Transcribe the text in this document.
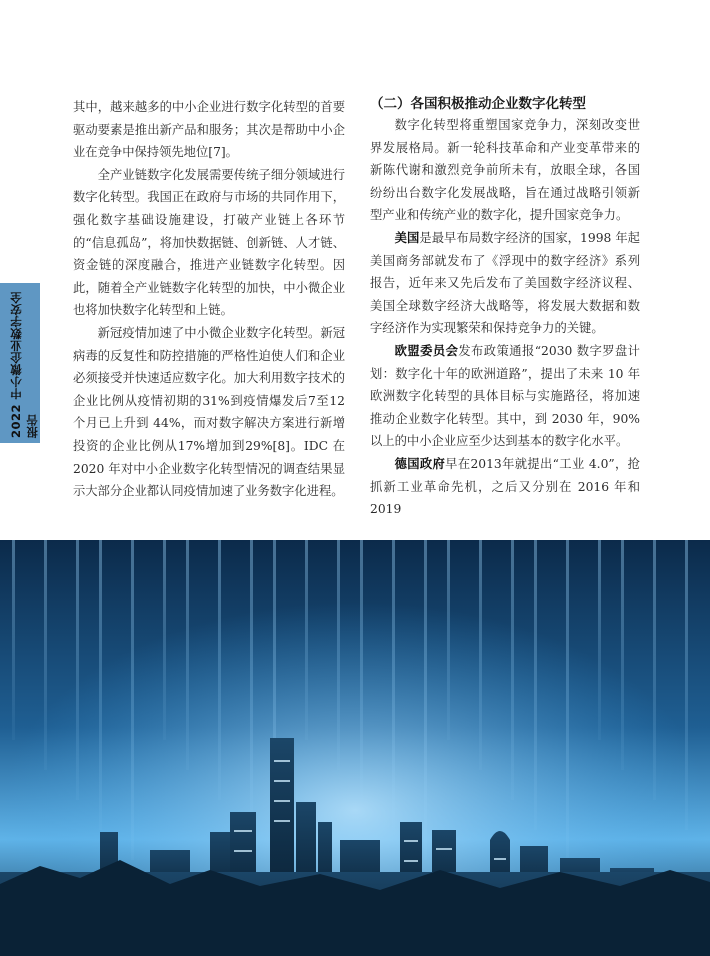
2022 中小微企业数字安全报告

其中，越来越多的中小企业进行数字化转型的首要驱动要素是推出新产品和服务；其次是帮助中小企业在竞争中保持领先地位[7]。

全产业链数字化发展需要传统子细分领域进行数字化转型。我国正在政府与市场的共同作用下，强化数字基础设施建设，打破产业链上各环节的“信息孤岛”，将加快数据链、创新链、人才链、资金链的深度融合，推进产业链数字化转型。因此，随着全产业链数字化转型的加快，中小微企业也将加快数字化转型和上链。

新冠疫情加速了中小微企业数字化转型。新冠病毒的反复性和防控措施的严格性迫使人们和企业必须接受并快速适应数字化。加大利用数字技术的企业比例从疫情初期的31%到疫情爆发后7至12个月已上升到 44%，而对数字解决方案进行新增投资的企业比例从17%增加到29%[8]。IDC 在 2020 年对中小企业数字化转型情况的调查结果显示大部分企业都认同疫情加速了业务数字化进程。

（二）各国积极推动企业数字化转型

数字化转型将重塑国家竞争力，深刻改变世界发展格局。新一轮科技革命和产业变革带来的新陈代谢和激烈竞争前所未有，放眼全球，各国纷纷出台数字化发展战略，旨在通过战略引领新型产业和传统产业的数字化，提升国家竞争力。

美国是最早布局数字经济的国家，1998 年起美国商务部就发布了《浮现中的数字经济》系列报告，近年来又先后发布了美国数字经济议程、美国全球数字经济大战略等，将发展大数据和数字经济作为实现繁荣和保持竞争力的关键。

欧盟委员会发布政策通报“2030 数字罗盘计划：数字化十年的欧洲道路”，提出了未来 10 年欧洲数字化转型的具体目标与实施路径，将加速推动企业数字化转型。其中，到 2030 年，90%以上的中小企业应至少达到基本的数字化水平。

德国政府早在2013年就提出“工业 4.0”，抢抓新工业革命先机，之后又分别在 2016 年和 2019
